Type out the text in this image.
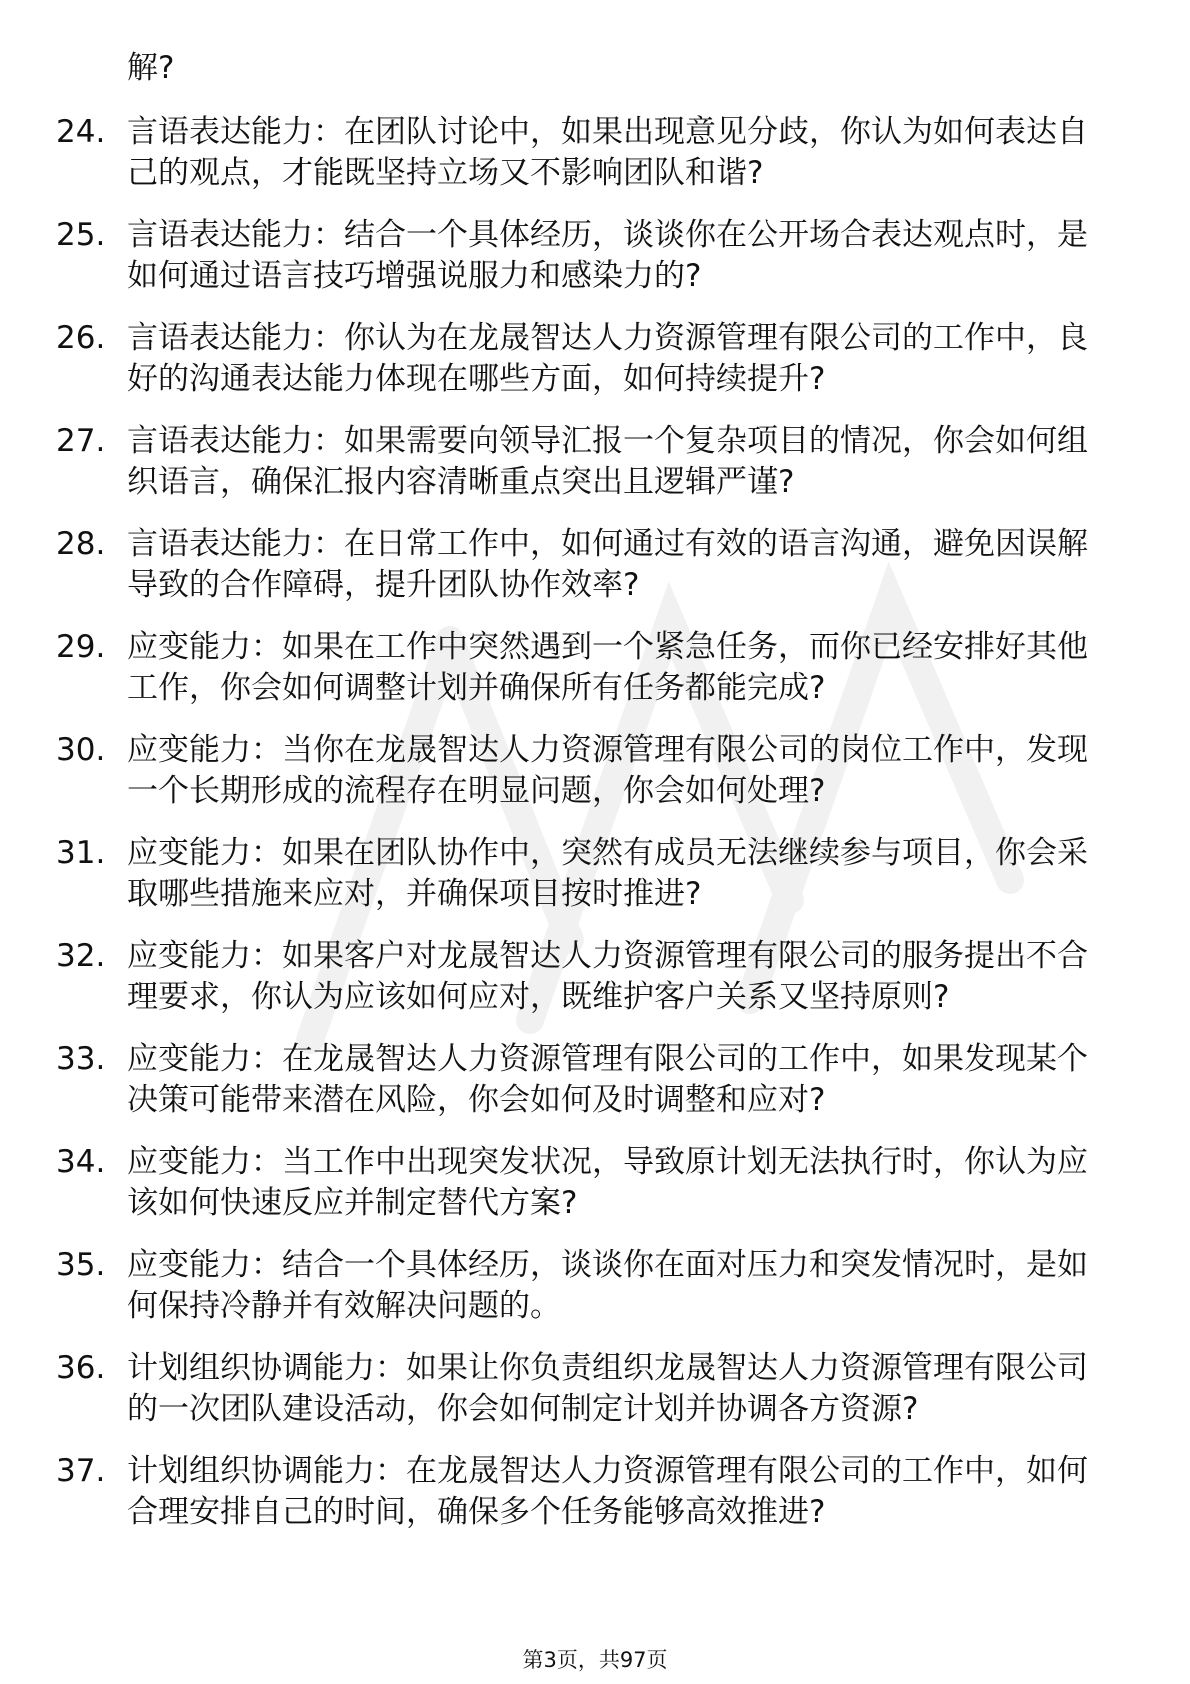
解?

24. 言语表达能力：在团队讨论中，如果出现意见分歧，你认为如何表达自己的观点，才能既坚持立场又不影响团队和谐?
25. 言语表达能力：结合一个具体经历，谈谈你在公开场合表达观点时，是如何通过语言技巧增强说服力和感染力的?
26. 言语表达能力：你认为在龙晟智达人力资源管理有限公司的工作中，良好的沟通表达能力体现在哪些方面，如何持续提升?
27. 言语表达能力：如果需要向领导汇报一个复杂项目的情况，你会如何组织语言，确保汇报内容清晰重点突出且逻辑严谨?
28. 言语表达能力：在日常工作中，如何通过有效的语言沟通，避免因误解导致的合作障碍，提升团队协作效率?
29. 应变能力：如果在工作中突然遇到一个紧急任务，而你已经安排好其他工作，你会如何调整计划并确保所有任务都能完成?
30. 应变能力：当你在龙晟智达人力资源管理有限公司的岗位工作中，发现一个长期形成的流程存在明显问题，你会如何处理?
31. 应变能力：如果在团队协作中，突然有成员无法继续参与项目，你会采取哪些措施来应对，并确保项目按时推进?
32. 应变能力：如果客户对龙晟智达人力资源管理有限公司的服务提出不合理要求，你认为应该如何应对，既维护客户关系又坚持原则?
33. 应变能力：在龙晟智达人力资源管理有限公司的工作中，如果发现某个决策可能带来潜在风险，你会如何及时调整和应对?
34. 应变能力：当工作中出现突发状况，导致原计划无法执行时，你认为应该如何快速反应并制定替代方案?
35. 应变能力：结合一个具体经历，谈谈你在面对压力和突发情况时，是如何保持冷静并有效解决问题的。
36. 计划组织协调能力：如果让你负责组织龙晟智达人力资源管理有限公司的一次团队建设活动，你会如何制定计划并协调各方资源?
37. 计划组织协调能力：在龙晟智达人力资源管理有限公司的工作中，如何合理安排自己的时间，确保多个任务能够高效推进?
第3页，共97页
